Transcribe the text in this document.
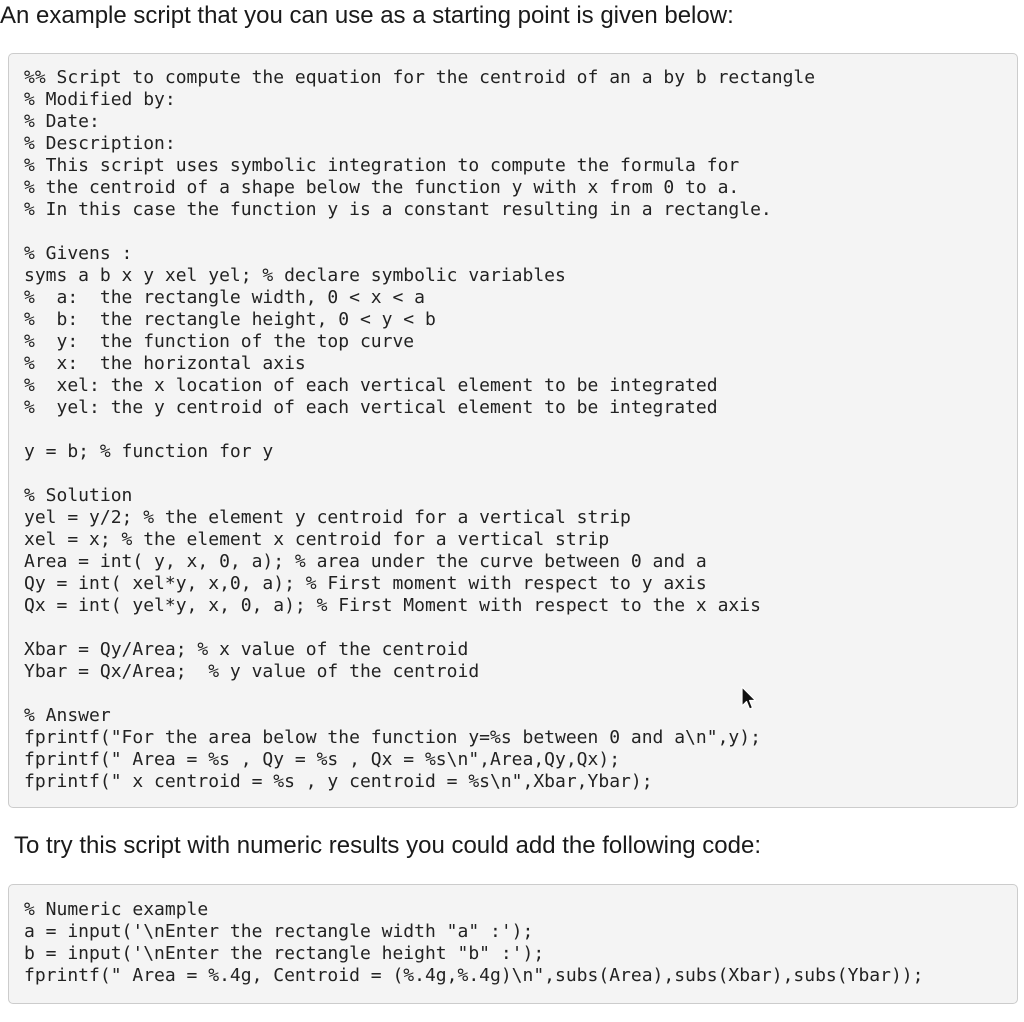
An example script that you can use as a starting point is given below:

%% Script to compute the equation for the centroid of an a by b rectangle
% Modified by:
% Date:
% Description:
% This script uses symbolic integration to compute the formula for
% the centroid of a shape below the function y with x from 0 to a.
% In this case the function y is a constant resulting in a rectangle.
% Givens :
syms a b x y xel yel; % declare symbolic variables
%  a:  the rectangle width, 0 < x < a
%  b:  the rectangle height, 0 < y < b
%  y:  the function of the top curve
%  x:  the horizontal axis
%  xel: the x location of each vertical element to be integrated
%  yel: the y centroid of each vertical element to be integrated
y = b; % function for y
% Solution
yel = y/2; % the element y centroid for a vertical strip
xel = x; % the element x centroid for a vertical strip
Area = int( y, x, 0, a); % area under the curve between 0 and a
Qy = int( xel*y, x,0, a); % First moment with respect to y axis
Qx = int( yel*y, x, 0, a); % First Moment with respect to the x axis
Xbar = Qy/Area; % x value of the centroid
Ybar = Qx/Area;  % y value of the centroid
% Answer
fprintf("For the area below the function y=%s between 0 and a\n",y);
fprintf(" Area = %s , Qy = %s , Qx = %s\n",Area,Qy,Qx);
fprintf(" x centroid = %s , y centroid = %s\n",Xbar,Ybar);

To try this script with numeric results you could add the following code:

% Numeric example
a = input('\nEnter the rectangle width "a" :');
b = input('\nEnter the rectangle height "b" :');
fprintf(" Area = %.4g, Centroid = (%.4g,%.4g)\n",subs(Area),subs(Xbar),subs(Ybar));
